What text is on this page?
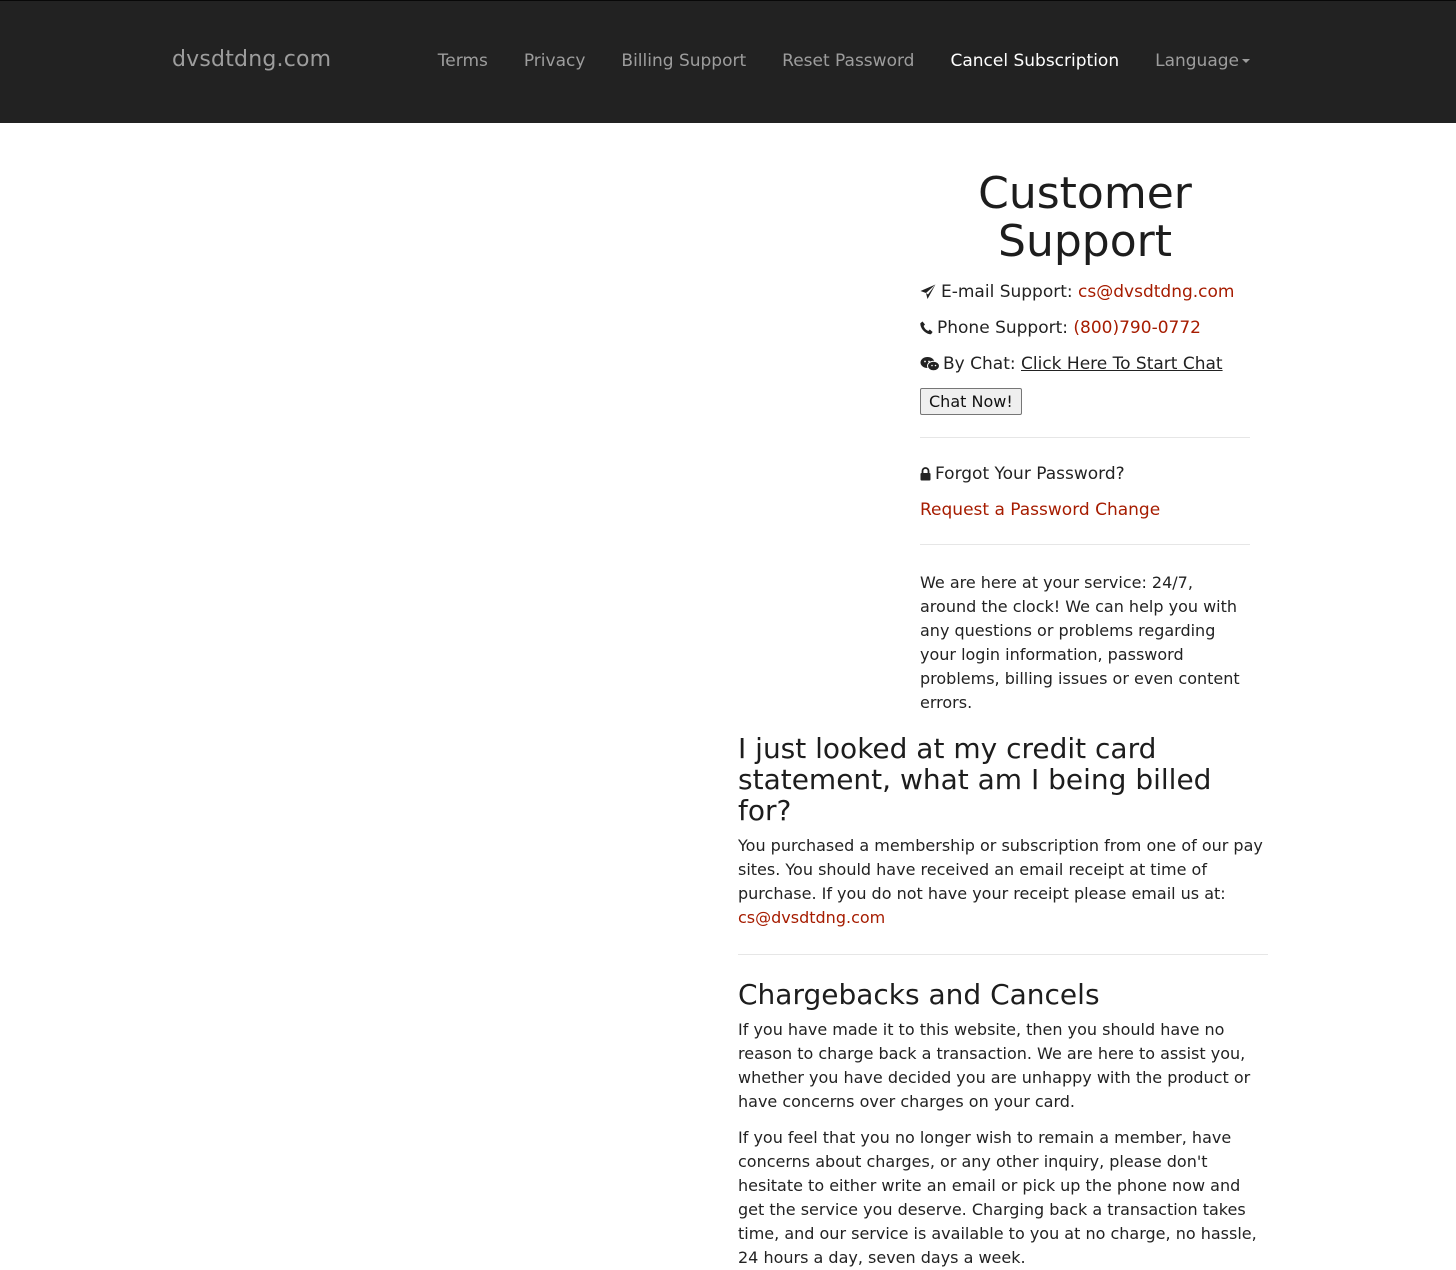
dvsdtdng.com	Terms Privacy Billing Support Reset Password Cancel Subscription Language
Customer Support
E-mail Support:
cs@dvsdtdng.com
Phone Support:
(800)790-0772
By Chat:
Click Here To Start Chat
Chat Now!
Forgot Your Password?
Request a Password Change

We are here at your service: 24/7, around the clock! We can help you with any questions or problems regarding your login information, password problems, billing issues or even content errors.

I just looked at my credit card statement, what am I being billed for?

You purchased a membership or subscription from one of our pay sites. You should have received an email receipt at time of purchase. If you do not have your receipt please email us at:
cs@dvsdtdng.com

Chargebacks and Cancels

If you have made it to this website, then you should have no reason to charge back a transaction. We are here to assist you, whether you have decided you are unhappy with the product or have concerns over charges on your card.

If you feel that you no longer wish to remain a member, have concerns about charges, or any other inquiry, please don't hesitate to either write an email or pick up the phone now and get the service you deserve. Charging back a transaction takes time, and our service is available to you at no charge, no hassle, 24 hours a day, seven days a week.
